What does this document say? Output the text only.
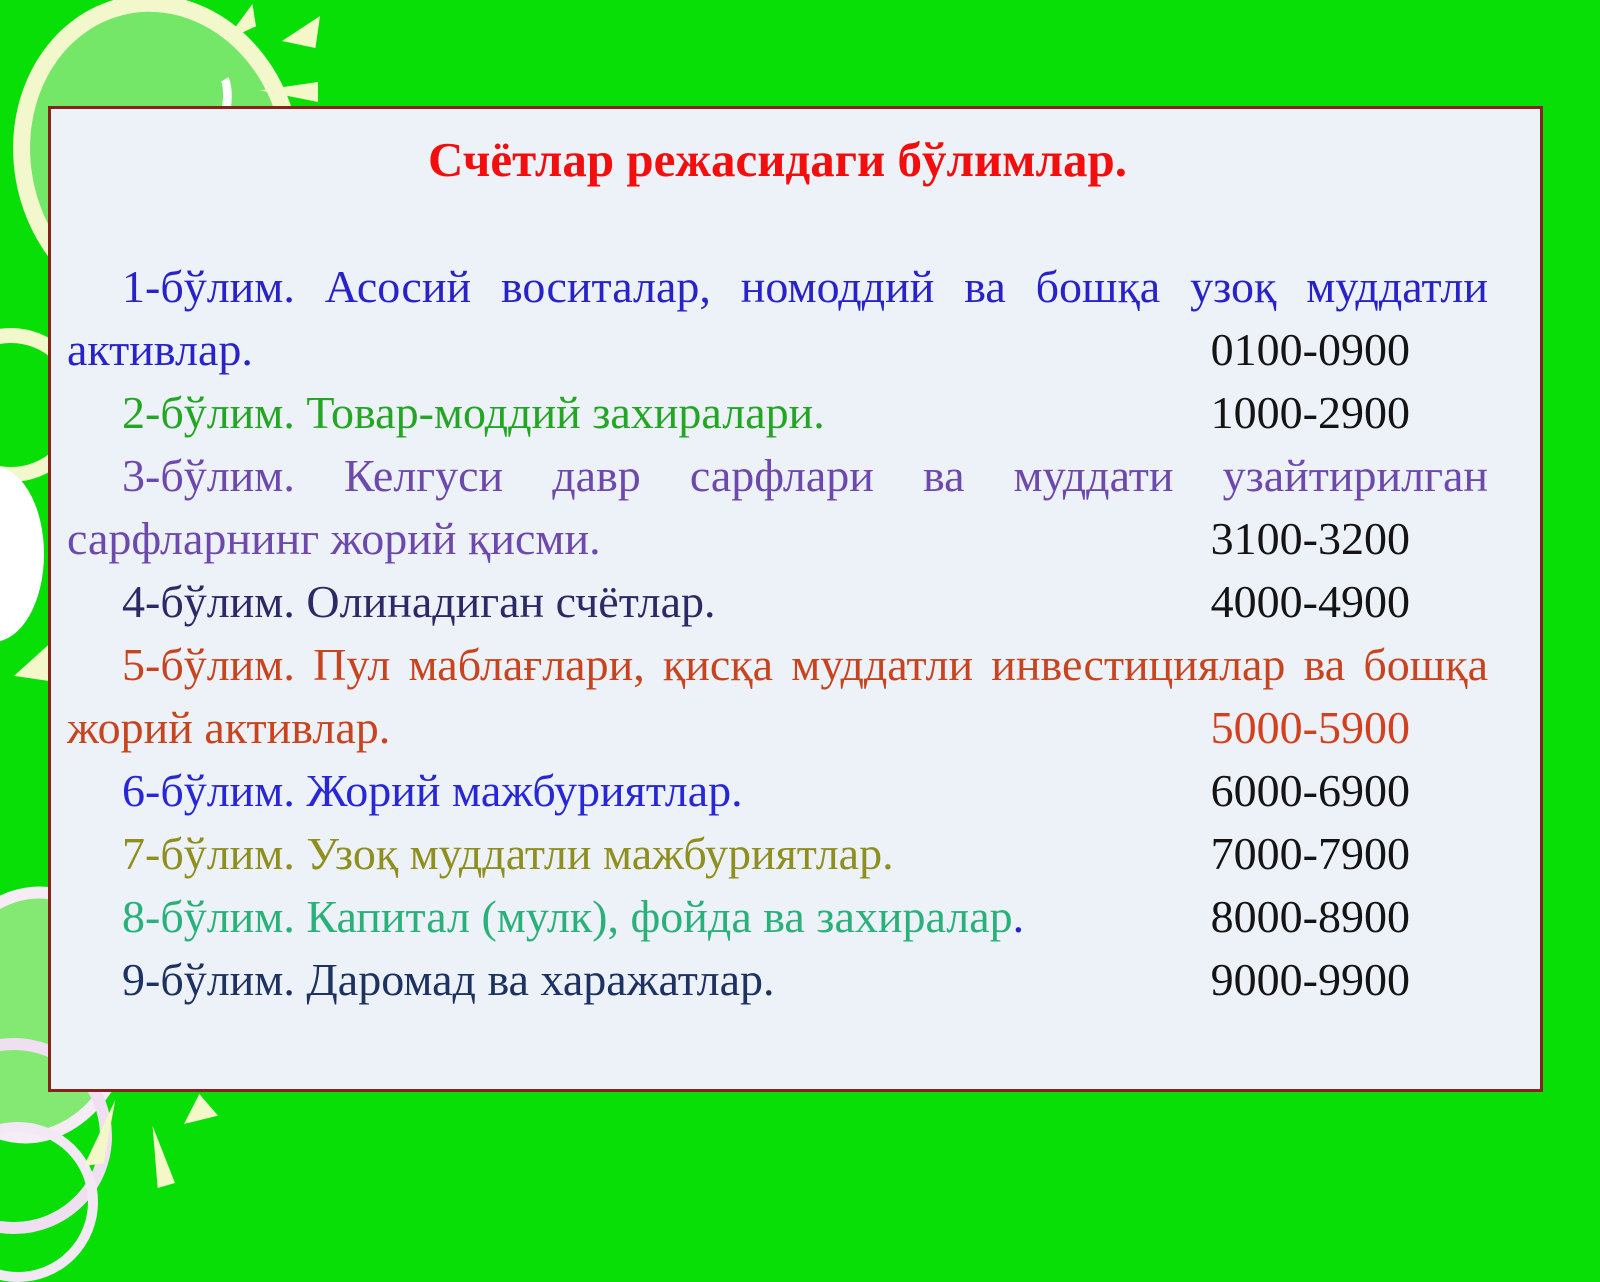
Счётлар режасидаги бўлимлар.

1-бўлим. Асосий воситалар, номоддий ва бошқа узоқ муддатли активлар.	0100-0900

2-бўлим. Товар-моддий захиралари.	1000-2900

3-бўлим. Келгуси давр сарфлари ва муддати узайтирилган сарфларнинг жорий қисми.	3100-3200

4-бўлим. Олинадиган счётлар.	4000-4900

5-бўлим. Пул маблағлари, қисқа муддатли инвестициялар ва бошқа жорий активлар.	5000-5900

6-бўлим. Жорий мажбуриятлар.	6000-6900

7-бўлим. Узоқ муддатли мажбуриятлар.	7000-7900

8-бўлим. Капитал (мулк), фойда ва захиралар.	8000-8900

9-бўлим. Даромад ва харажатлар.	9000-9900
